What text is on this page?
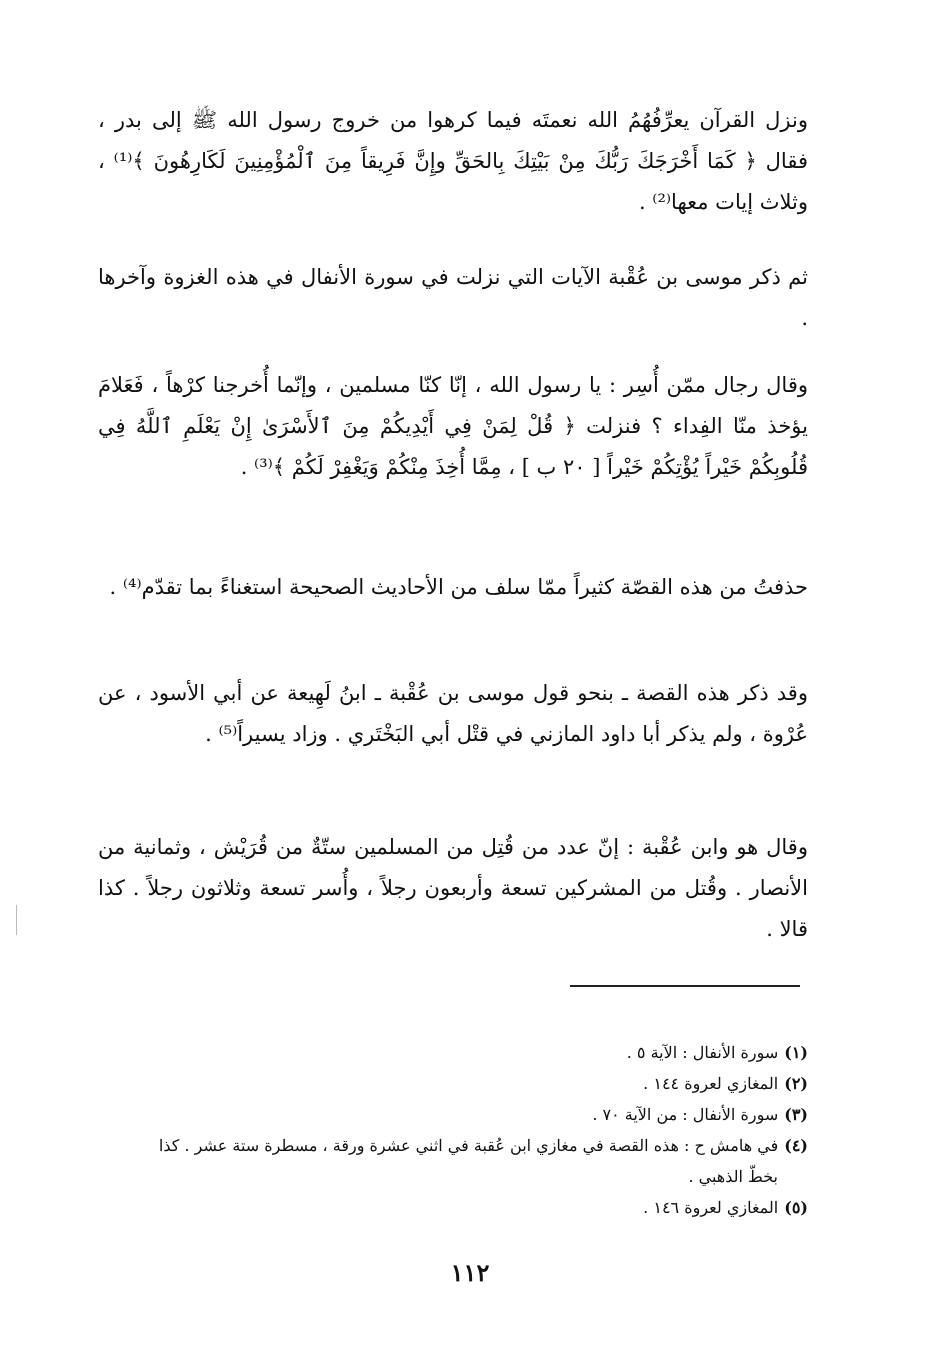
ونزل القرآن يعرِّفُهُمُ الله نعمتَه فيما كرهوا من خروج رسول الله ﷺ إلى بدر ، فقال ﴿ كَمَا أَخْرَجَكَ رَبُّكَ مِنْ بَيْتِكَ بِالحَقِّ وإِنَّ فَرِيقاً مِنَ ٱلْمُؤْمِنِينَ لَكَارِهُونَ ﴾⁽¹⁾ ، وثلاث إيات معها⁽²⁾ .

ثم ذكر موسى بن عُقْبة الآيات التي نزلت في سورة الأنفال في هذه الغزوة وآخرها .

وقال رجال ممّن أُسِر : يا رسول الله ، إنّا كنّا مسلمين ، وإنّما أُخرجنا كرْهاً ، فَعَلامَ يؤخذ منّا الفِداء ؟ فنزلت ﴿ قُلْ لِمَنْ فِي أَيْدِيكُمْ مِنَ ٱلأَسْرَىٰ إِنْ يَعْلَمِ ٱللَّهُ فِي قُلُوبِكُمْ خَيْراً يُؤْتِكُمْ خَيْراً [ ٢٠ ب ] ، مِمَّا أُخِذَ مِنْكُمْ وَيَغْفِرْ لَكُمْ ﴾⁽³⁾ .

حذفتُ من هذه القصّة كثيراً ممّا سلف من الأحاديث الصحيحة استغناءً بما تقدّم⁽⁴⁾ .

وقد ذكر هذه القصة ـ بنحو قول موسى بن عُقْبة ـ ابنُ لَهِيعة عن أبي الأسود ، عن عُرْوة ، ولم يذكر أبا داود المازني في قتْل أبي البَخْتَري . وزاد يسيراً⁽⁵⁾ .

وقال هو وابن عُقْبة : إنّ عدد من قُتِل من المسلمين ستّةٌ من قُرَيْش ، وثمانية من الأنصار . وقُتل من المشركين تسعة وأربعون رجلاً ، وأُسر تسعة وثلاثون رجلاً . كذا قالا .

(١)سورة الأنفال : الآية ٥ .

(٢)المغازي لعروة ١٤٤ .

(٣)سورة الأنفال : من الآية ٧٠ .

(٤)في هامش ح : هذه القصة في مغازي ابن عُقبة في اثني عشرة ورقة ، مسطرة ستة عشر . كذا

بخطّ الذهبي .

(٥)المغازي لعروة ١٤٦ .

١١٢
